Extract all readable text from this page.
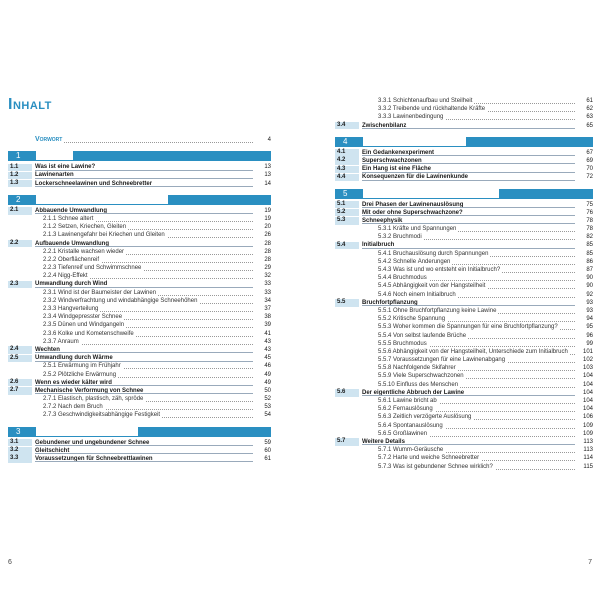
Inhalt
Vorwort	4
1	Einleitung
1.1	Was ist eine Lawine?	13
1.2	Lawinenarten	13
1.3	Lockerschneelawinen und Schneebretter	14
2	Schnee lebt – eine kleine Schneekunde
2.1	Abbauende Umwandlung	19
2.1.1 Schnee altert	19
2.1.2 Setzen, Kriechen, Gleiten	20
2.1.3 Lawinengefahr bei Kriechen und Gleiten	26
2.2	Aufbauende Umwandlung	28
2.2.1 Kristalle wachsen wieder	28
2.2.2 Oberflächenreif	28
2.2.3 Tiefenreif und Schwimmschnee	29
2.2.4 Nigg-Effekt	32
2.3	Umwandlung durch Wind	33
2.3.1 Wind ist der Baumeister der Lawinen	33
2.3.2 Windverfrachtung und windabhängige Schneehöhen	34
2.3.3 Hangverteilung	37
2.3.4 Windgepresster Schnee	38
2.3.5 Dünen und Windgangeln	39
2.3.6 Kolke und Kometenschweife	41
2.3.7 Anraum	43
2.4	Wechten	43
2.5	Umwandlung durch Wärme	45
2.5.1 Erwärmung im Frühjahr	46
2.5.2 Plötzliche Erwärmung	49
2.6	Wenn es wieder kälter wird	49
2.7	Mechanische Verformung von Schnee	50
2.7.1 Elastisch, plastisch, zäh, spröde	52
2.7.2 Nach dem Bruch	53
2.7.3 Geschwindigkeitsabhängige Festigkeit	54
3	Wann kann es Lawinen geben?
3.1	Gebundener und ungebundener Schnee	59
3.2	Gleitschicht	60
3.3	Voraussetzungen für Schneebrettlawinen	61
6
3.3.1 Schichtenaufbau und Steilheit	61
3.3.2 Treibende und rückhaltende Kräfte	62
3.3.3 Lawinenbedingung	63
3.4	Zwischenbilanz	65
4	Einige Gedanken über Lawinen
4.1	Ein Gedankenexperiment	67
4.2	Superschwachzonen	69
4.3	Ein Hang ist eine Fläche	70
4.4	Konsequenzen für die Lawinenkunde	72
5	Bruchmechanik und Auslösemechanismen
5.1	Drei Phasen der Lawinenauslösung	75
5.2	Mit oder ohne Superschwachzone?	76
5.3	Schneephysik	78
5.3.1 Kräfte und Spannungen	78
5.3.2 Bruchmodi	82
5.4	Initialbruch	85
5.4.1 Bruchauslösung durch Spannungen	85
5.4.2 Schnelle Änderungen	86
5.4.3 Was ist und wo entsteht ein Initialbruch?	87
5.4.4 Bruchmodus	90
5.4.5 Abhängigkeit von der Hangsteilheit	90
5.4.6 Noch einem Initialbruch	92
5.5	Bruchfortpflanzung	93
5.5.1 Ohne Bruchfortpflanzung keine Lawine	93
5.5.2 Kritische Spannung	94
5.5.3 Woher kommen die Spannungen für eine Bruchfortpflanzung?	95
5.5.4 Von selbst laufende Brüche	96
5.5.5 Bruchmodus	99
5.5.6 Abhängigkeit von der Hangsteilheit, Unterschiede zum Initialbruch	101
5.5.7 Voraussetzungen für eine Lawinenabgang	102
5.5.8 Nachfolgende Skifahrer	103
5.5.9 Viele Superschwachzonen	104
5.5.10 Einfluss des Menschen	104
5.6	Der eigentliche Abbruch der Lawine	104
5.6.1 Lawine bricht ab	104
5.6.2 Fernauslösung	104
5.6.3 Zeitlich verzögerte Auslösung	106
5.6.4 Spontanauslösung	109
5.6.5 Großlawinen	109
5.7	Weitere Details	113
5.7.1 Wumm-Geräusche	113
5.7.2 Harte und weiche Schneebretter	114
5.7.3 Was ist gebundener Schnee wirklich?	115
7
